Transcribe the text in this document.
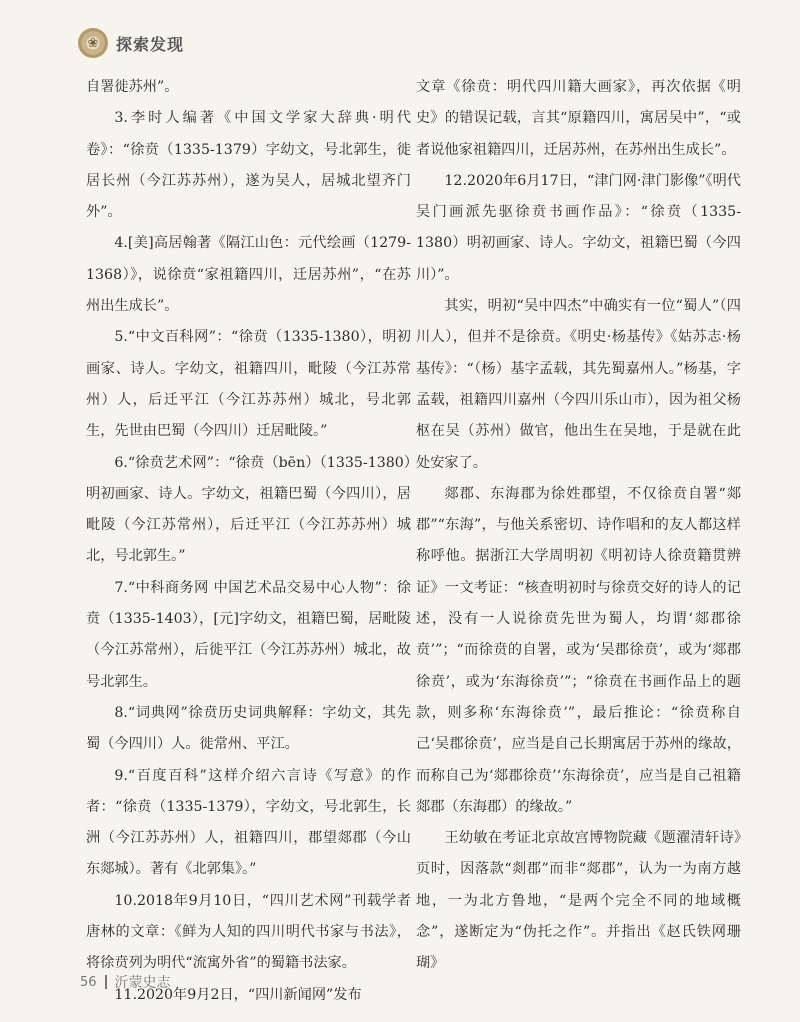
❀	探索发现

自署徙苏州”。

3.李时人编著《中国文学家大辞典·明代卷》：“徐贲（1335-1379）字幼文，号北郭生，徙居长州（今江苏苏州），遂为吴人，居城北望齐门外”。

4.[美]高居翰著《隔江山色：元代绘画（1279-1368）》，说徐贲“家祖籍四川，迁居苏州”，“在苏州出生成长”。

5.“中文百科网”：“徐贲（1335-1380），明初画家、诗人。字幼文，祖籍四川，毗陵（今江苏常州）人，后迁平江（今江苏苏州）城北，号北郭生，先世由巴蜀（今四川）迁居毗陵。”

6.“徐贲艺术网”：“徐贲（bēn）（1335-1380）明初画家、诗人。字幼文，祖籍巴蜀（今四川），居毗陵（今江苏常州），后迁平江（今江苏苏州）城北，号北郭生。”

7.“中科商务网 中国艺术品交易中心人物”：徐贲（1335-1403），[元]字幼文，祖籍巴蜀，居毗陵（今江苏常州），后徙平江（今江苏苏州）城北，故号北郭生。

8.“词典网”徐贲历史词典解释：字幼文，其先蜀（今四川）人。徙常州、平江。

9.“百度百科”这样介绍六言诗《写意》的作者：“徐贲（1335-1379），字幼文，号北郭生，长洲（今江苏苏州）人，祖籍四川，郡望郯郡（今山东郯城）。著有《北郭集》。”

10.2018年9月10日，“四川艺术网”刊载学者唐林的文章：《鲜为人知的四川明代书家与书法》，将徐贲列为明代“流寓外省”的蜀籍书法家。

11.2020年9月2日，“四川新闻网”发布

文章《徐贲：明代四川籍大画家》，再次依据《明史》的错误记载，言其“原籍四川，寓居吴中”，“或者说他家祖籍四川，迁居苏州，在苏州出生成长”。

12.2020年6月17日，“津门网·津门影像”《明代吴门画派先驱徐贲书画作品》：“徐贲（1335-1380）明初画家、诗人。字幼文，祖籍巴蜀（今四川）”。

其实，明初“吴中四杰”中确实有一位“蜀人”（四川人），但并不是徐贲。《明史·杨基传》《姑苏志·杨基传》：“（杨）基字孟载，其先蜀嘉州人。”杨基，字孟载，祖籍四川嘉州（今四川乐山市），因为祖父杨枢在吴（苏州）做官，他出生在吴地，于是就在此处安家了。

郯郡、东海郡为徐姓郡望，不仅徐贲自署“郯郡”“东海”，与他关系密切、诗作唱和的友人都这样称呼他。据浙江大学周明初《明初诗人徐贲籍贯辨证》一文考证：“核查明初时与徐贲交好的诗人的记述，没有一人说徐贲先世为蜀人，均谓‘郯郡徐贲’”；“而徐贲的自署，或为‘吴郡徐贲’，或为‘郯郡徐贲’，或为‘东海徐贲’”；“徐贲在书画作品上的题款，则多称‘东海徐贲’”，最后推论：“徐贲称自己‘吴郡徐贲’，应当是自己长期寓居于苏州的缘故，而称自己为‘郯郡徐贲’‘东海徐贲’，应当是自己祖籍郯郡（东海郡）的缘故。”

王幼敏在考证北京故宫博物院藏《题濯清轩诗》页时，因落款“剡郡”而非“郯郡”，认为一为南方越地，一为北方鲁地，“是两个完全不同的地域概念”，遂断定为“伪托之作”。并指出《赵氏铁网珊瑚》

56 沂蒙史志
